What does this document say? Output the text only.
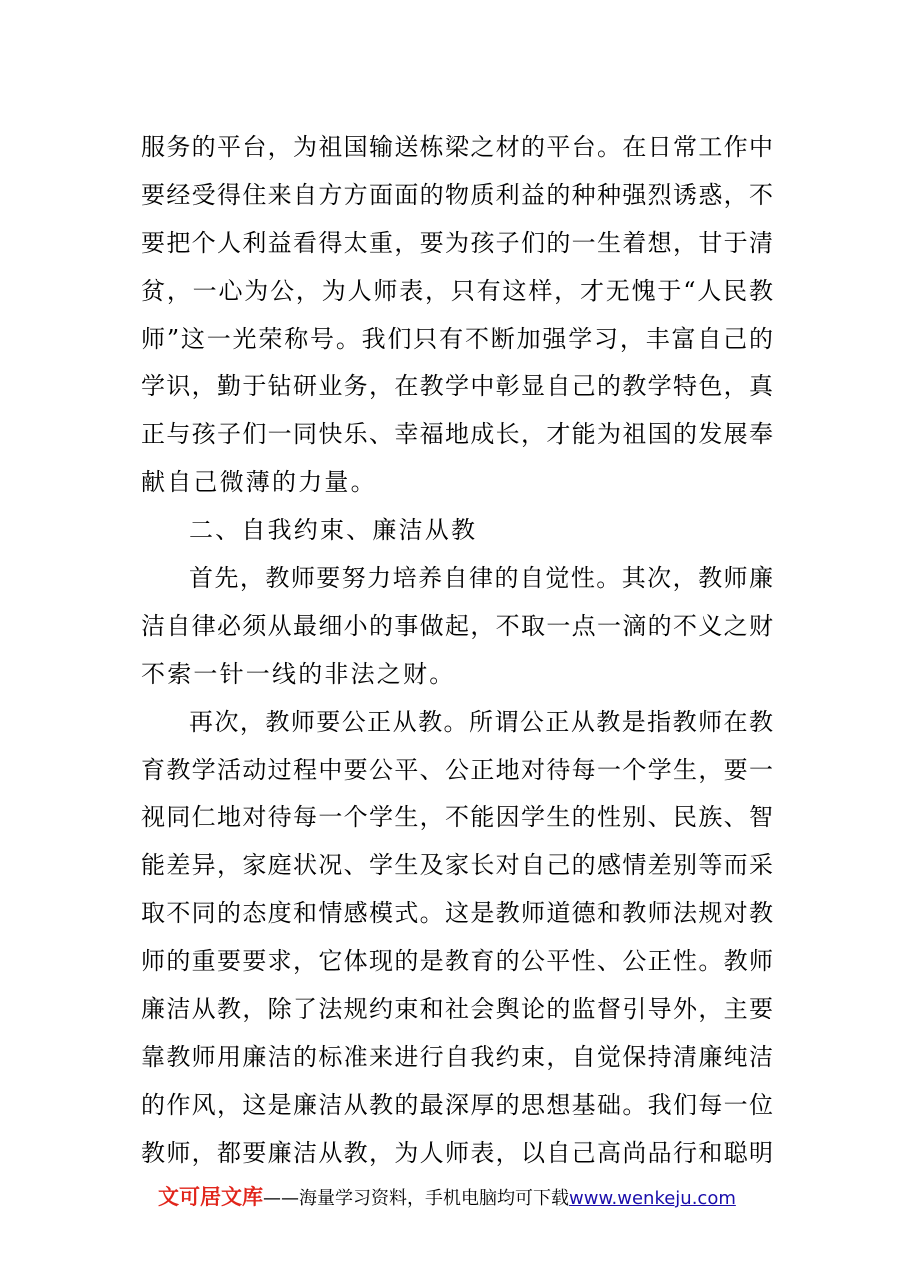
服务的平台，为祖国输送栋梁之材的平台。在日常工作中
要经受得住来自方方面面的物质利益的种种强烈诱惑，不
要把个人利益看得太重，要为孩子们的一生着想，甘于清
贫，一心为公，为人师表，只有这样，才无愧于“人民教
师”这一光荣称号。我们只有不断加强学习，丰富自己的
学识，勤于钻研业务，在教学中彰显自己的教学特色，真
正与孩子们一同快乐、幸福地成长，才能为祖国的发展奉
献自己微薄的力量。
二、自我约束、廉洁从教
首先，教师要努力培养自律的自觉性。其次，教师廉
洁自律必须从最细小的事做起，不取一点一滴的不义之财
不索一针一线的非法之财。
再次，教师要公正从教。所谓公正从教是指教师在教
育教学活动过程中要公平、公正地对待每一个学生，要一
视同仁地对待每一个学生，不能因学生的性别、民族、智
能差异，家庭状况、学生及家长对自己的感情差别等而采
取不同的态度和情感模式。这是教师道德和教师法规对教
师的重要要求，它体现的是教育的公平性、公正性。教师
廉洁从教，除了法规约束和社会舆论的监督引导外，主要
靠教师用廉洁的标准来进行自我约束，自觉保持清廉纯洁
的作风，这是廉洁从教的最深厚的思想基础。我们每一位
教师，都要廉洁从教，为人师表，以自己高尚品行和聪明
文可居文库——海量学习资料，手机电脑均可下载www.wenkeju.com
